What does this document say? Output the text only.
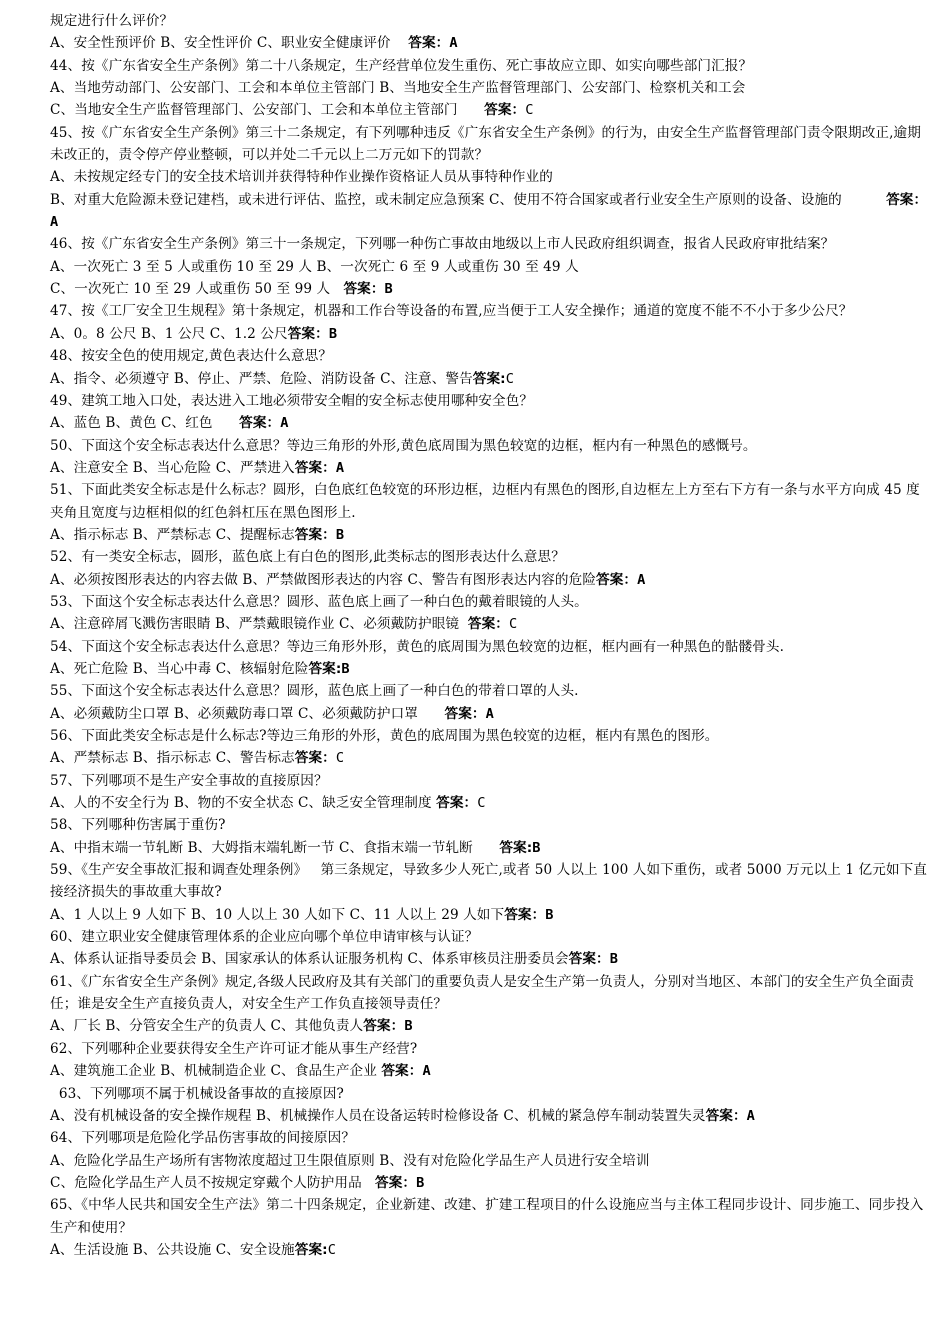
规定进行什么评价？
A、安全性预评价 B、安全性评价 C、职业安全健康评价    答案：A
44、按《广东省安全生产条例》第二十八条规定，生产经营单位发生重伤、死亡事故应立即、如实向哪些部门汇报？
A、当地劳动部门、公安部门、工会和本单位主管部门 B、当地安全生产监督管理部门、公安部门、检察机关和工会
C、当地安全生产监督管理部门、公安部门、工会和本单位主管部门      答案：C
45、按《广东省安全生产条例》第三十二条规定，有下列哪种违反《广东省安全生产条例》的行为，由安全生产监督管理部门责令限期改正,逾期未改正的，责令停产停业整顿，可以并处二千元以上二万元如下的罚款？
A、未按规定经专门的安全技术培训并获得特种作业操作资格证人员从事特种作业的
B、对重大危险源未登记建档，或未进行评估、监控，或未制定应急预案 C、使用不符合国家或者行业安全生产原则的设备、设施的          答案：A
46、按《广东省安全生产条例》第三十一条规定，下列哪一种伤亡事故由地级以上市人民政府组织调查，报省人民政府审批结案？
A、一次死亡 3 至 5 人或重伤 10 至 29 人 B、一次死亡 6 至 9 人或重伤 30 至 49 人
C、一次死亡 10 至 29 人或重伤 50 至 99 人   答案：B
47、按《工厂安全卫生规程》第十条规定，机器和工作台等设备的布置,应当便于工人安全操作；通道的宽度不能不不小于多少公尺？
A、0。8 公尺 B、1 公尺 C、1.2 公尺答案：B
48、按安全色的使用规定,黄色表达什么意思？
A、指令、必须遵守 B、停止、严禁、危险、消防设备 C、注意、警告答案:C
49、建筑工地入口处，表达进入工地必须带安全帽的安全标志使用哪种安全色？
A、蓝色 B、黄色 C、红色      答案：A
50、下面这个安全标志表达什么意思？等边三角形的外形,黄色底周围为黑色较宽的边框，框内有一种黑色的感慨号。
A、注意安全 B、当心危险 C、严禁进入答案：A
51、下面此类安全标志是什么标志？圆形，白色底红色较宽的环形边框，边框内有黑色的图形,自边框左上方至右下方有一条与水平方向成 45 度夹角且宽度与边框相似的红色斜杠压在黑色图形上.
A、指示标志 B、严禁标志 C、提醒标志答案：B
52、有一类安全标志，圆形，蓝色底上有白色的图形,此类标志的图形表达什么意思？
A、必须按图形表达的内容去做 B、严禁做图形表达的内容 C、警告有图形表达内容的危险答案：A
53、下面这个安全标志表达什么意思？圆形、蓝色底上画了一种白色的戴着眼镜的人头。
A、注意碎屑飞溅伤害眼睛 B、严禁戴眼镜作业 C、必须戴防护眼镜  答案：C
54、下面这个安全标志表达什么意思？等边三角形外形，黄色的底周围为黑色较宽的边框，框内画有一种黑色的骷髅骨头.
A、死亡危险 B、当心中毒 C、核辐射危险答案:B
55、下面这个安全标志表达什么意思？圆形，蓝色底上画了一种白色的带着口罩的人头.
A、必须戴防尘口罩 B、必须戴防毒口罩 C、必须戴防护口罩      答案：A
56、下面此类安全标志是什么标志?等边三角形的外形，黄色的底周围为黑色较宽的边框，框内有黑色的图形。
A、严禁标志 B、指示标志 C、警告标志答案：C
57、下列哪项不是生产安全事故的直接原因？
A、人的不安全行为 B、物的不安全状态 C、缺乏安全管理制度 答案：C
58、下列哪种伤害属于重伤?
A、中指末端一节轧断 B、大姆指末端轧断一节 C、食指末端一节轧断      答案:B
59、《生产安全事故汇报和调查处理条例》   第三条规定，导致多少人死亡,或者 50 人以上 100 人如下重伤，或者 5000 万元以上 1 亿元如下直接经济损失的事故重大事故?
A、1 人以上 9 人如下 B、10 人以上 30 人如下 C、11 人以上 29 人如下答案：B
60、建立职业安全健康管理体系的企业应向哪个单位申请审核与认证？
A、体系认证指导委员会 B、国家承认的体系认证服务机构 C、体系审核员注册委员会答案：B
61、《广东省安全生产条例》规定,各级人民政府及其有关部门的重要负责人是安全生产第一负责人，分别对当地区、本部门的安全生产负全面责任；谁是安全生产直接负责人，对安全生产工作负直接领导责任？
A、厂长 B、分管安全生产的负责人 C、其他负责人答案：B
62、下列哪种企业要获得安全生产许可证才能从事生产经营?
A、建筑施工企业 B、机械制造企业 C、食品生产企业 答案：A
63、下列哪项不属于机械设备事故的直接原因?
A、没有机械设备的安全操作规程 B、机械操作人员在设备运转时检修设备 C、机械的紧急停车制动装置失灵答案：A
64、下列哪项是危险化学品伤害事故的间接原因？
A、危险化学品生产场所有害物浓度超过卫生限值原则 B、没有对危险化学品生产人员进行安全培训
C、危险化学品生产人员不按规定穿戴个人防护用品   答案：B
65、《中华人民共和国安全生产法》第二十四条规定，企业新建、改建、扩建工程项目的什么设施应当与主体工程同步设计、同步施工、同步投入生产和使用？
A、生活设施 B、公共设施 C、安全设施答案:C
